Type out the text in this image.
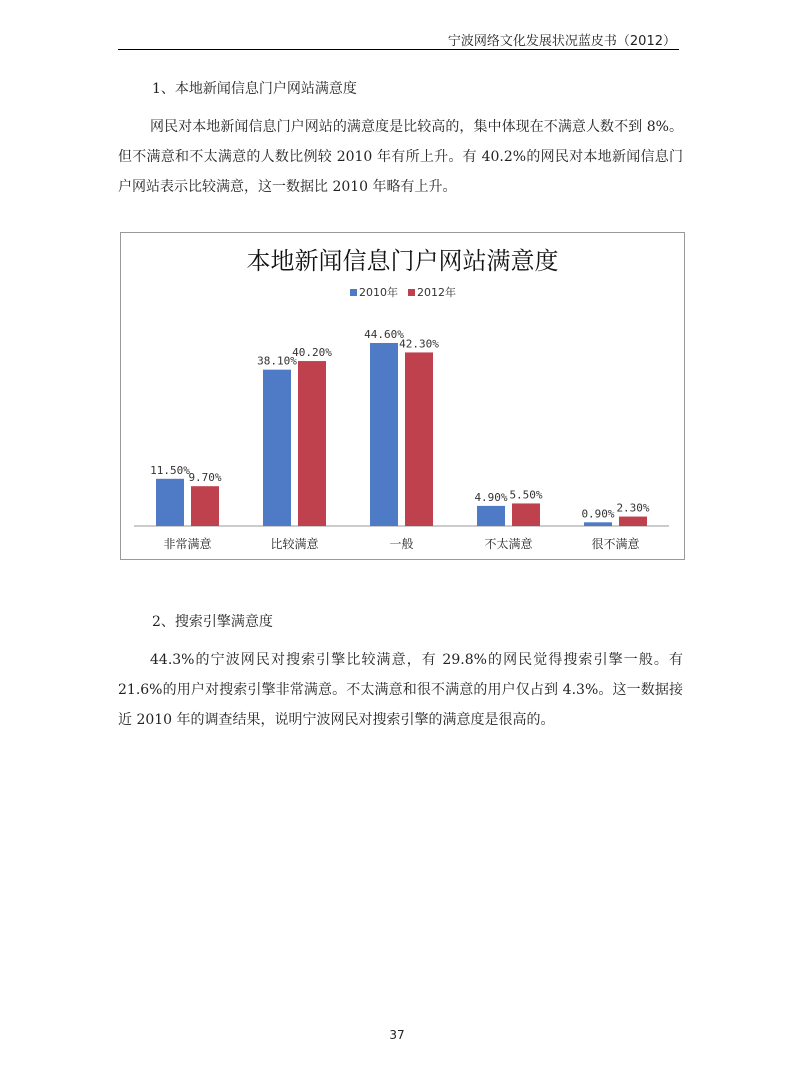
宁波网络文化发展状况蓝皮书（2012）
1、本地新闻信息门户网站满意度
网民对本地新闻信息门户网站的满意度是比较高的，集中体现在不满意人数不到 8%。但不满意和不太满意的人数比例较 2010 年有所上升。有 40.2%的网民对本地新闻信息门户网站表示比较满意，这一数据比 2010 年略有上升。
本地新闻信息门户网站满意度
2010年 2012年
11.50%
9.70%
非常满意
38.10%
40.20%
比较满意
44.60%
42.30%
一般
4.90% 5.50%
不太满意
0.90% 2.30%
很不满意
2、搜索引擎满意度
44.3%的宁波网民对搜索引擎比较满意，有 29.8%的网民觉得搜索引擎一般。有 21.6%的用户对搜索引擎非常满意。不太满意和很不满意的用户仅占到 4.3%。这一数据接近 2010 年的调查结果，说明宁波网民对搜索引擎的满意度是很高的。
37
